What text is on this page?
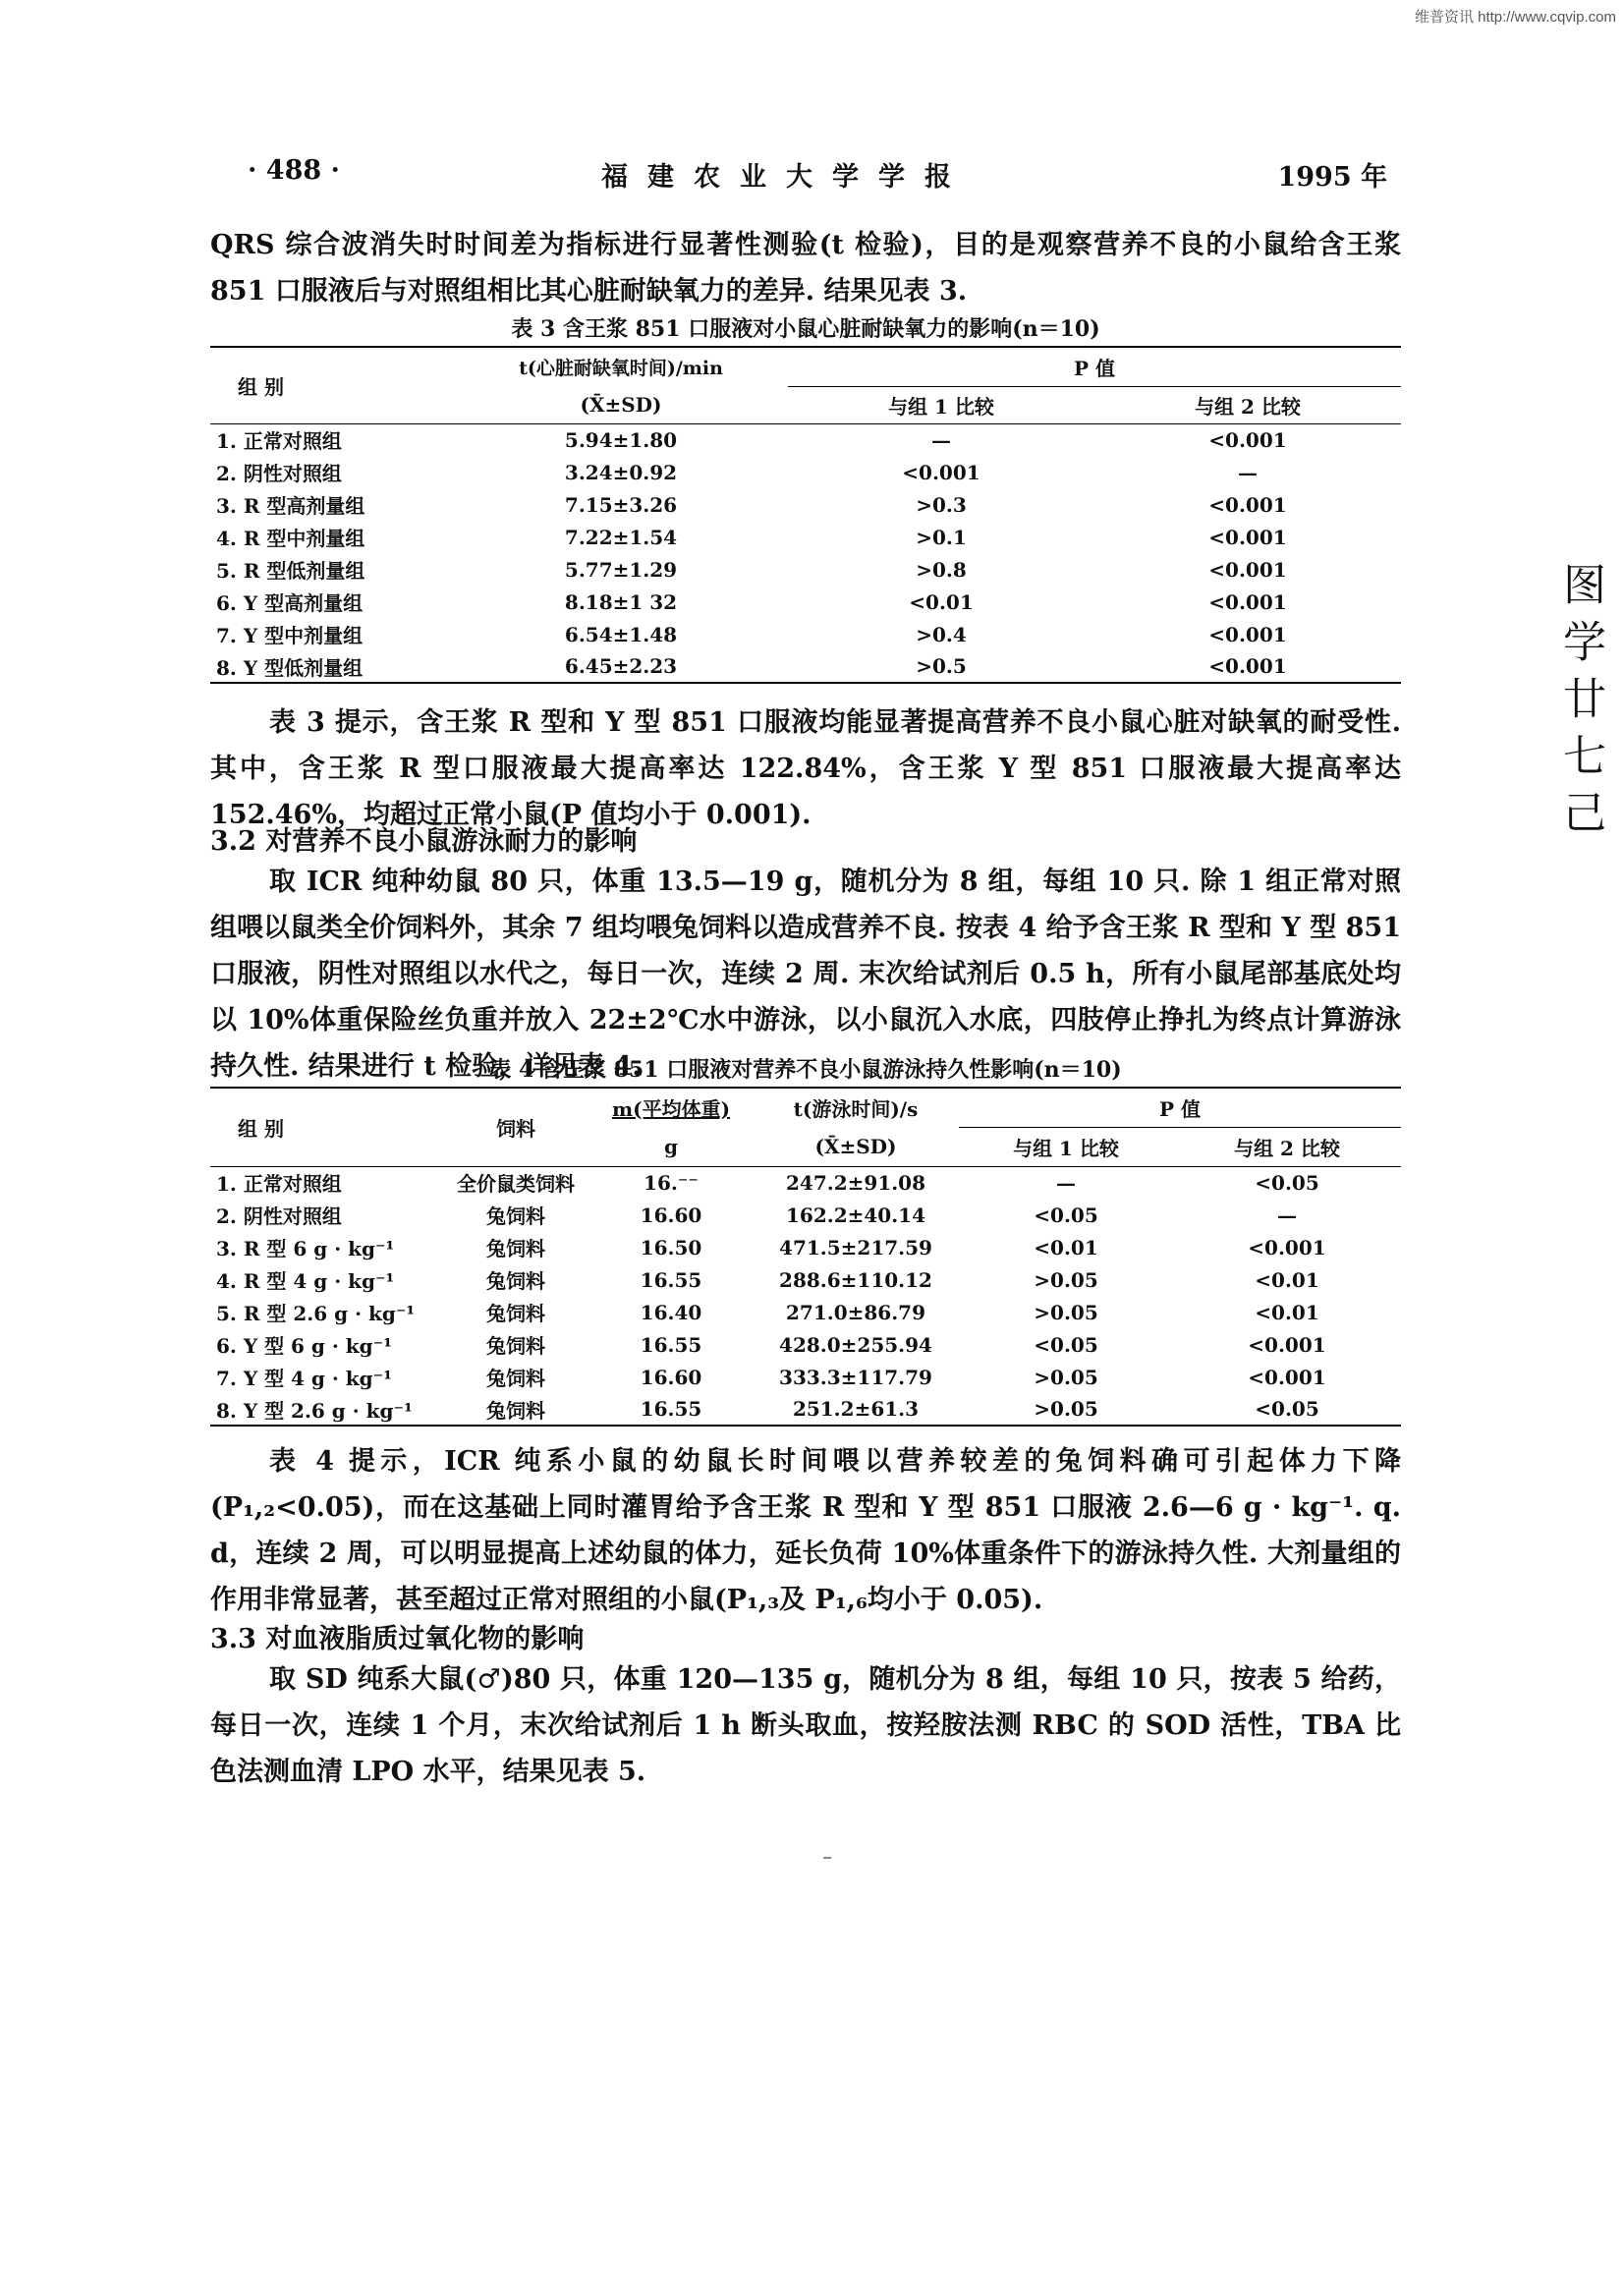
维普资讯 http://www.cqvip.com
· 488 ·	福建农业大学学报	1995 年

QRS 综合波消失时时间差为指标进行显著性测验(t 检验)，目的是观察营养不良的小鼠给含王浆 851 口服液后与对照组相比其心脏耐缺氧力的差异. 结果见表 3.

表 3 含王浆 851 口服液对小鼠心脏耐缺氧力的影响(n＝10)
组 别	t(心脏耐缺氧时间)/min	P 值	
	(X̄±SD)	与组 1 比较	与组 2 比较
1. 正常对照组	5.94±1.80	—	<0.001
2. 阴性对照组	3.24±0.92	<0.001	—
3. R 型高剂量组	7.15±3.26	>0.3	<0.001
4. R 型中剂量组	7.22±1.54	>0.1	<0.001
5. R 型低剂量组	5.77±1.29	>0.8	<0.001
6. Y 型高剂量组	8.18±1 32	<0.01	<0.001
7. Y 型中剂量组	6.54±1.48	>0.4	<0.001
8. Y 型低剂量组	6.45±2.23	>0.5	<0.001

表 3 提示，含王浆 R 型和 Y 型 851 口服液均能显著提高营养不良小鼠心脏对缺氧的耐受性. 其中，含王浆 R 型口服液最大提高率达 122.84%，含王浆 Y 型 851 口服液最大提高率达 152.46%，均超过正常小鼠(P 值均小于 0.001).

3.2 对营养不良小鼠游泳耐力的影响

取 ICR 纯种幼鼠 80 只，体重 13.5—19 g，随机分为 8 组，每组 10 只. 除 1 组正常对照组喂以鼠类全价饲料外，其余 7 组均喂兔饲料以造成营养不良. 按表 4 给予含王浆 R 型和 Y 型 851 口服液，阴性对照组以水代之，每日一次，连续 2 周. 末次给试剂后 0.5 h，所有小鼠尾部基底处均以 10%体重保险丝负重并放入 22±2℃水中游泳，以小鼠沉入水底，四肢停止挣扎为终点计算游泳持久性. 结果进行 t 检验，详见表 4.

表 4 含王浆 851 口服液对营养不良小鼠游泳持久性影响(n＝10)
组 别	饲料	m(平均体重)	t(游泳时间)/s	P 值	
		g	(X̄±SD)	与组 1 比较	与组 2 比较
1. 正常对照组	全价鼠类饲料	16.⁻⁻	247.2±91.08	—	<0.05
2. 阴性对照组	兔饲料	16.60	162.2±40.14	<0.05	—
3. R 型 6 g · kg⁻¹	兔饲料	16.50	471.5±217.59	<0.01	<0.001
4. R 型 4 g · kg⁻¹	兔饲料	16.55	288.6±110.12	>0.05	<0.01
5. R 型 2.6 g · kg⁻¹	兔饲料	16.40	271.0±86.79	>0.05	<0.01
6. Y 型 6 g · kg⁻¹	兔饲料	16.55	428.0±255.94	<0.05	<0.001
7. Y 型 4 g · kg⁻¹	兔饲料	16.60	333.3±117.79	>0.05	<0.001
8. Y 型 2.6 g · kg⁻¹	兔饲料	16.55	251.2±61.3	>0.05	<0.05

表 4 提示，ICR 纯系小鼠的幼鼠长时间喂以营养较差的兔饲料确可引起体力下降(P₁,₂<0.05)，而在这基础上同时灌胃给予含王浆 R 型和 Y 型 851 口服液 2.6—6 g · kg⁻¹. q. d，连续 2 周，可以明显提高上述幼鼠的体力，延长负荷 10%体重条件下的游泳持久性. 大剂量组的作用非常显著，甚至超过正常对照组的小鼠(P₁,₃及 P₁,₆均小于 0.05).

3.3 对血液脂质过氧化物的影响

取 SD 纯系大鼠(♂)80 只，体重 120—135 g，随机分为 8 组，每组 10 只，按表 5 给药，每日一次，连续 1 个月，末次给试剂后 1 h 断头取血，按羟胺法测 RBC 的 SOD 活性，TBA 比色法测血清 LPO 水平，结果见表 5.

图 学 廿 七 己
